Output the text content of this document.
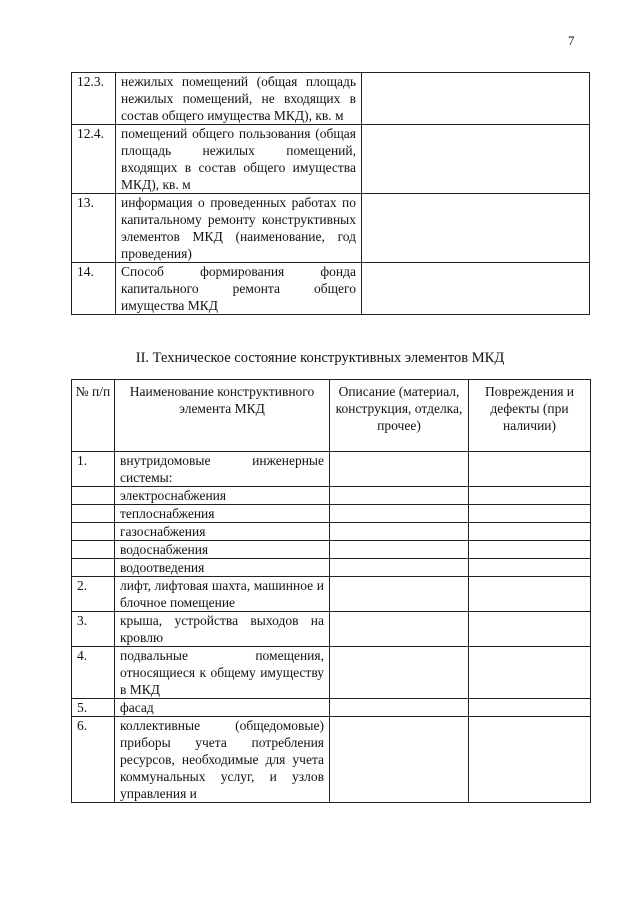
7
12.3.	нежилых помещений (общая площадь нежилых помещений, не входящих в состав общего имущества МКД), кв. м	
12.4.	помещений общего пользования (общая площадь нежилых помещений, входящих в состав общего имущества МКД), кв. м	
13.	информация о проведенных работах по капитальному ремонту конструктивных элементов МКД (наименование, год проведения)	
14.	Способ формирования фонда капитального ремонта общего имущества МКД	
II. Техническое состояние конструктивных элементов МКД
№ п/п	Наименование конструктивного элемента МКД	Описание (материал, конструкция, отделка, прочее)	Повреждения и дефекты (при наличии)
1.	внутридомовые инженерные системы:		
	электроснабжения		
	теплоснабжения		
	газоснабжения		
	водоснабжения		
	водоотведения		
2.	лифт, лифтовая шахта, машинное и блочное помещение		
3.	крыша, устройства выходов на кровлю		
4.	подвальные помещения, относящиеся к общему имуществу в МКД		
5.	фасад		
6.	коллективные (общедомовые) приборы учета потребления ресурсов, необходимые для учета коммунальных услуг, и узлов управления и		
